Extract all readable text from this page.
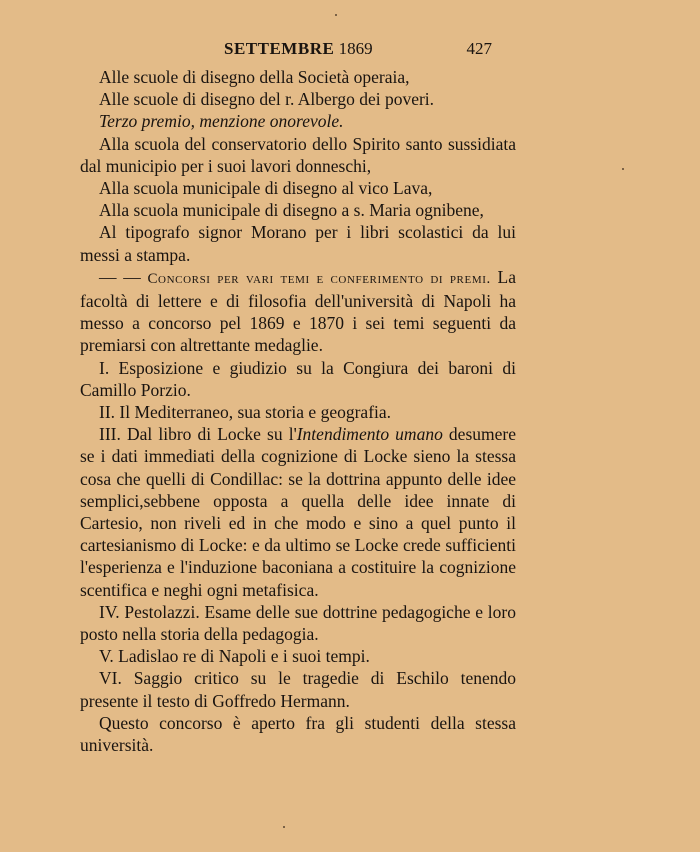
SETTEMBRE 1869	427

Alle scuole di disegno della Società operaia,

Alle scuole di disegno del r. Albergo dei poveri.

Terzo premio, menzione onorevole.

Alla scuola del conservatorio dello Spirito santo sussidiata dal municipio per i suoi lavori donneschi,

Alla scuola municipale di disegno al vico Lava,

Alla scuola municipale di disegno a s. Maria ognibene,

Al tipografo signor Morano per i libri scolastici da lui messi a stampa.

— — Concorsi per vari temi e conferimento di premi. La facoltà di lettere e di filosofia dell'università di Napoli ha messo a concorso pel 1869 e 1870 i sei temi seguenti da premiarsi con altrettante medaglie.

I. Esposizione e giudizio su la Congiura dei baroni di Camillo Porzio.

II. Il Mediterraneo, sua storia e geografia.

III. Dal libro di Locke su l'Intendimento umano desumere se i dati immediati della cognizione di Locke sieno la stessa cosa che quelli di Condillac: se la dottrina appunto delle idee semplici,sebbene opposta a quella delle idee innate di Cartesio, non riveli ed in che modo e sino a quel punto il cartesianismo di Locke: e da ultimo se Locke crede sufficienti l'esperienza e l'induzione baconiana a costituire la cognizione scentifica e neghi ogni metafisica.

IV. Pestolazzi. Esame delle sue dottrine pedagogiche e loro posto nella storia della pedagogia.

V. Ladislao re di Napoli e i suoi tempi.

VI. Saggio critico su le tragedie di Eschilo tenendo presente il testo di Goffredo Hermann.

Questo concorso è aperto fra gli studenti della stessa università.
